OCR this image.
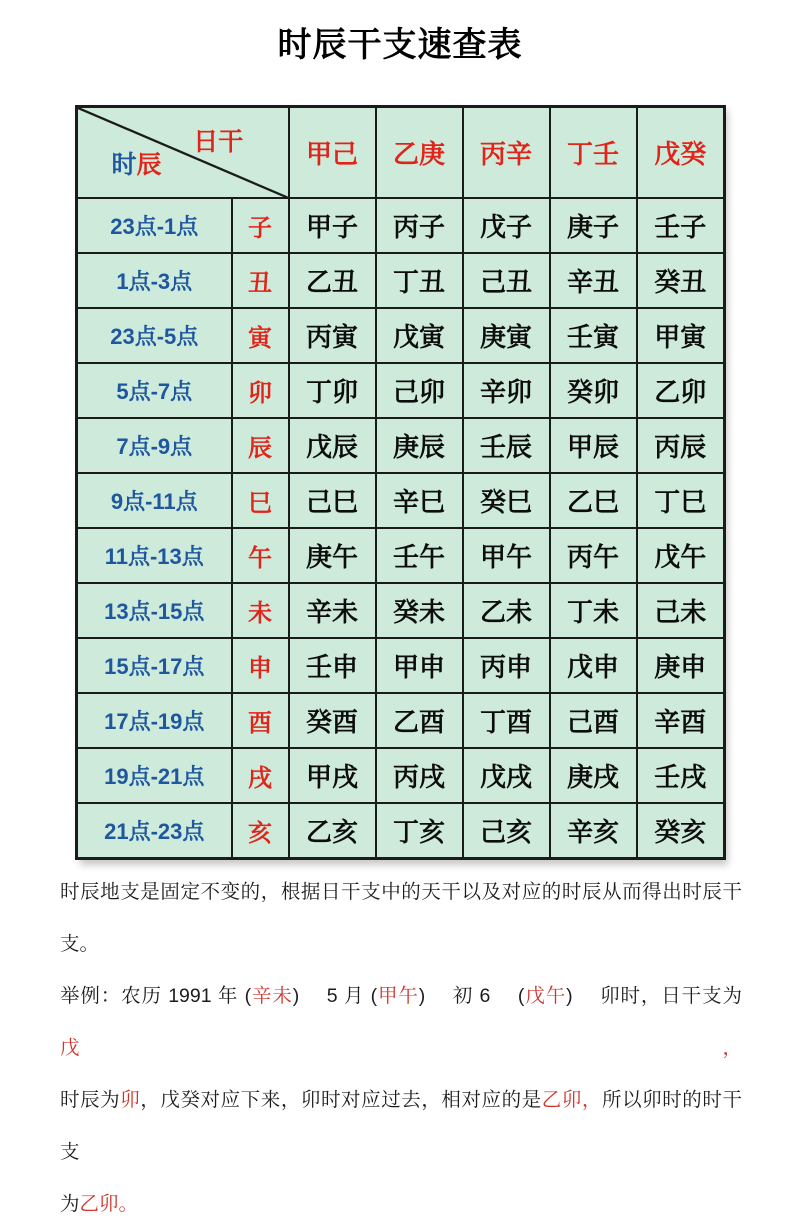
时辰干支速查表
日干
时辰		甲己	乙庚	丙辛	丁壬	戊癸
23点-1点	子	甲子	丙子	戊子	庚子	壬子
1点-3点	丑	乙丑	丁丑	己丑	辛丑	癸丑
23点-5点	寅	丙寅	戊寅	庚寅	壬寅	甲寅
5点-7点	卯	丁卯	己卯	辛卯	癸卯	乙卯
7点-9点	辰	戊辰	庚辰	壬辰	甲辰	丙辰
9点-11点	巳	己巳	辛巳	癸巳	乙巳	丁巳
11点-13点	午	庚午	壬午	甲午	丙午	戊午
13点-15点	未	辛未	癸未	乙未	丁未	己未
15点-17点	申	壬申	甲申	丙申	戊申	庚申
17点-19点	酉	癸酉	乙酉	丁酉	己酉	辛酉
19点-21点	戌	甲戌	丙戌	戊戌	庚戌	壬戌
21点-23点	亥	乙亥	丁亥	己亥	辛亥	癸亥
时辰地支是固定不变的，根据日干支中的天干以及对应的时辰从而得出时辰干
支。
举例：农历 1991 年 (辛未)　 5 月 (甲午)　 初 6　 (戊午)　 卯时，日干支为戊，
时辰为卯，戊癸对应下来，卯时对应过去，相对应的是乙卯，所以卯时的时干支
为乙卯。
